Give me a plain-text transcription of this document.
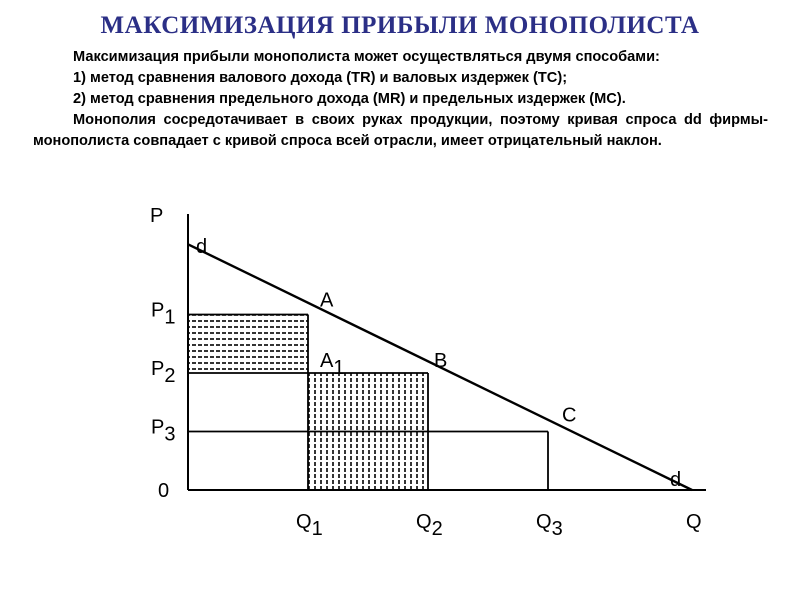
МАКСИМИЗАЦИЯ ПРИБЫЛИ МОНОПОЛИСТА

Максимизация прибыли монополиста может осуществляться двумя способами:

1) метод сравнения валового дохода (TR) и валовых издержек (TC);

2) метод сравнения предельного дохода (MR) и предельных издержек (MC).

Монополия сосредотачивает в своих руках продукции, поэтому кривая спроса dd фирмы-монополиста совпадает с кривой спроса всей отрасли, имеет отрицательный наклон.

P
Q
0
d
d
P1
P2
P3
Q1	Q2	Q3
A
A1	B
C
